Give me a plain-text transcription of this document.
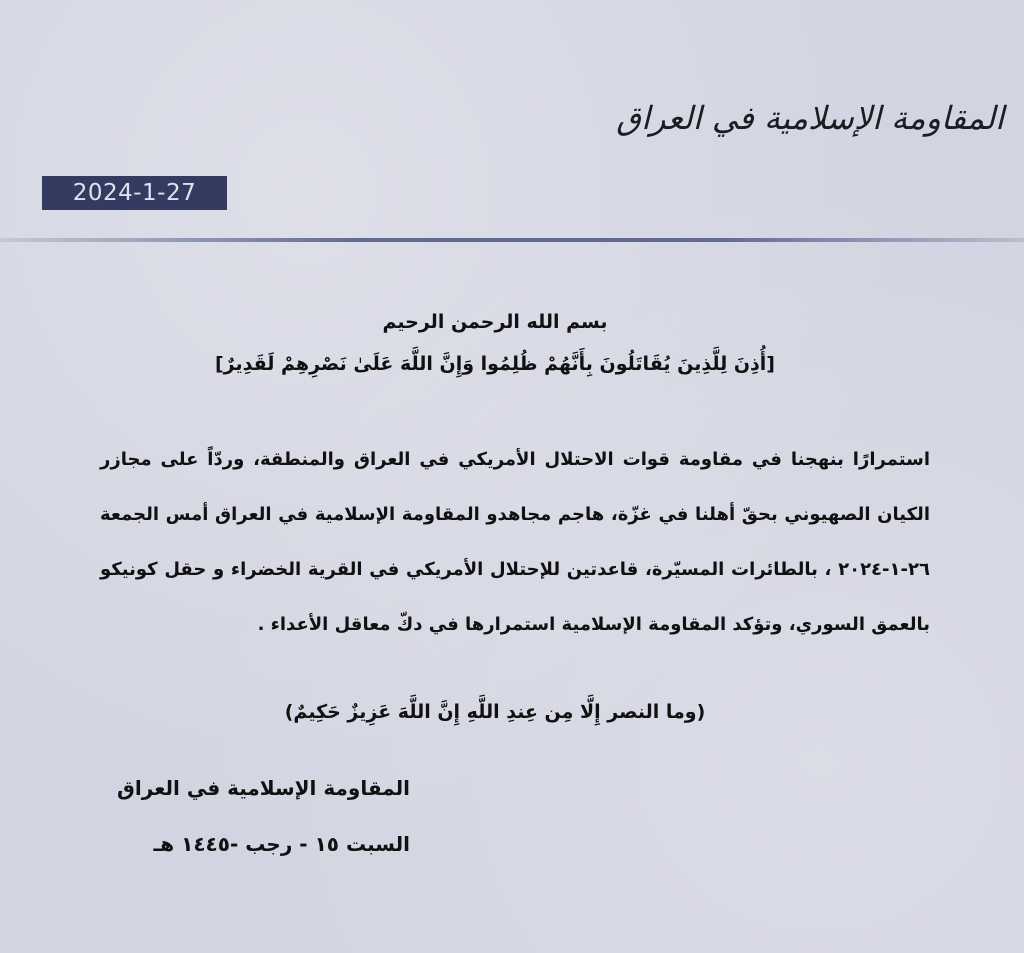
المقاومة الإسلامية في العراق
2024-1-27

بسم الله الرحمن الرحيم

[أُذِنَ لِلَّذِينَ يُقَاتَلُونَ بِأَنَّهُمْ ظُلِمُوا وَإِنَّ اللَّهَ عَلَىٰ نَصْرِهِمْ لَقَدِيرٌ]

استمرارًا بنهجنا في مقاومة قوات الاحتلال الأمريكي في العراق والمنطقة، وردّاً على مجازر الكيان الصهيوني بحقّ أهلنا في غزّة، هاجم مجاهدو المقاومة الإسلامية في العراق أمس الجمعة ٢٦-١-٢٠٢٤ ، بالطائرات المسيّرة، قاعدتين للإحتلال الأمريكي في القرية الخضراء و حقل كونيكو بالعمق السوري، وتؤكد المقاومة الإسلامية استمرارها في دكّ معاقل الأعداء .

(وما النصر إِلَّا مِن عِندِ اللَّهِ إِنَّ اللَّهَ عَزِيزٌ حَكِيمٌ)

المقاومة الإسلامية في العراق
السبت ١٥ - رجب -١٤٤٥ هـ
